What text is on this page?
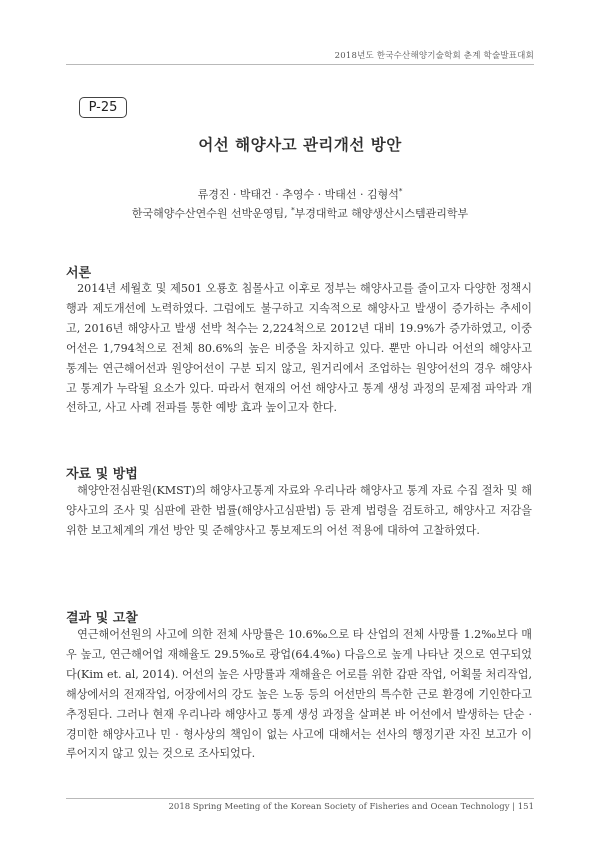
2018년도 한국수산해양기술학회 춘계 학술발표대회
P-25
어선 해양사고 관리개선 방안
류경진 · 박태건 · 추영수 · 박태선 · 김형석*
한국해양수산연수원 선박운영팀, *부경대학교 해양생산시스템관리학부
서론

2014년 세월호 및 제501 오룡호 침몰사고 이후로 정부는 해양사고를 줄이고자 다양한 정책시행과 제도개선에 노력하였다. 그럼에도 불구하고 지속적으로 해양사고 발생이 증가하는 추세이고, 2016년 해양사고 발생 선박 척수는 2,224척으로 2012년 대비 19.9%가 증가하였고, 이중 어선은 1,794척으로 전체 80.6%의 높은 비중을 차지하고 있다. 뿐만 아니라 어선의 해양사고 통계는 연근해어선과 원양어선이 구분 되지 않고, 원거리에서 조업하는 원양어선의 경우 해양사고 통계가 누락될 요소가 있다. 따라서 현재의 어선 해양사고 통계 생성 과정의 문제점 파악과 개선하고, 사고 사례 전파를 통한 예방 효과 높이고자 한다.

자료 및 방법

해양안전심판원(KMST)의 해양사고통계 자료와 우리나라 해양사고 통계 자료 수집 절차 및 해양사고의 조사 및 심판에 관한 법률(해양사고심판법) 등 관계 법령을 검토하고, 해양사고 저감을 위한 보고체계의 개선 방안 및 준해양사고 통보제도의 어선 적용에 대하여 고찰하였다.

결과 및 고찰

연근해어선원의 사고에 의한 전체 사망률은 10.6‰으로 타 산업의 전체 사망률 1.2‰보다 매우 높고, 연근해어업 재해율도 29.5‰로 광업(64.4‰) 다음으로 높게 나타난 것으로 연구되었다(Kim et. al, 2014). 어선의 높은 사망률과 재해율은 어로를 위한 갑판 작업, 어획물 처리작업, 해상에서의 전재작업, 어장에서의 강도 높은 노동 등의 어선만의 특수한 근로 환경에 기인한다고 추정된다. 그러나 현재 우리나라 해양사고 통계 생성 과정을 살펴본 바 어선에서 발생하는 단순 · 경미한 해양사고나 민 · 형사상의 책임이 없는 사고에 대해서는 선사의 행정기관 자진 보고가 이루어지지 않고 있는 것으로 조사되었다.

2018 Spring Meeting of the Korean Society of Fisheries and Ocean Technology | 151
